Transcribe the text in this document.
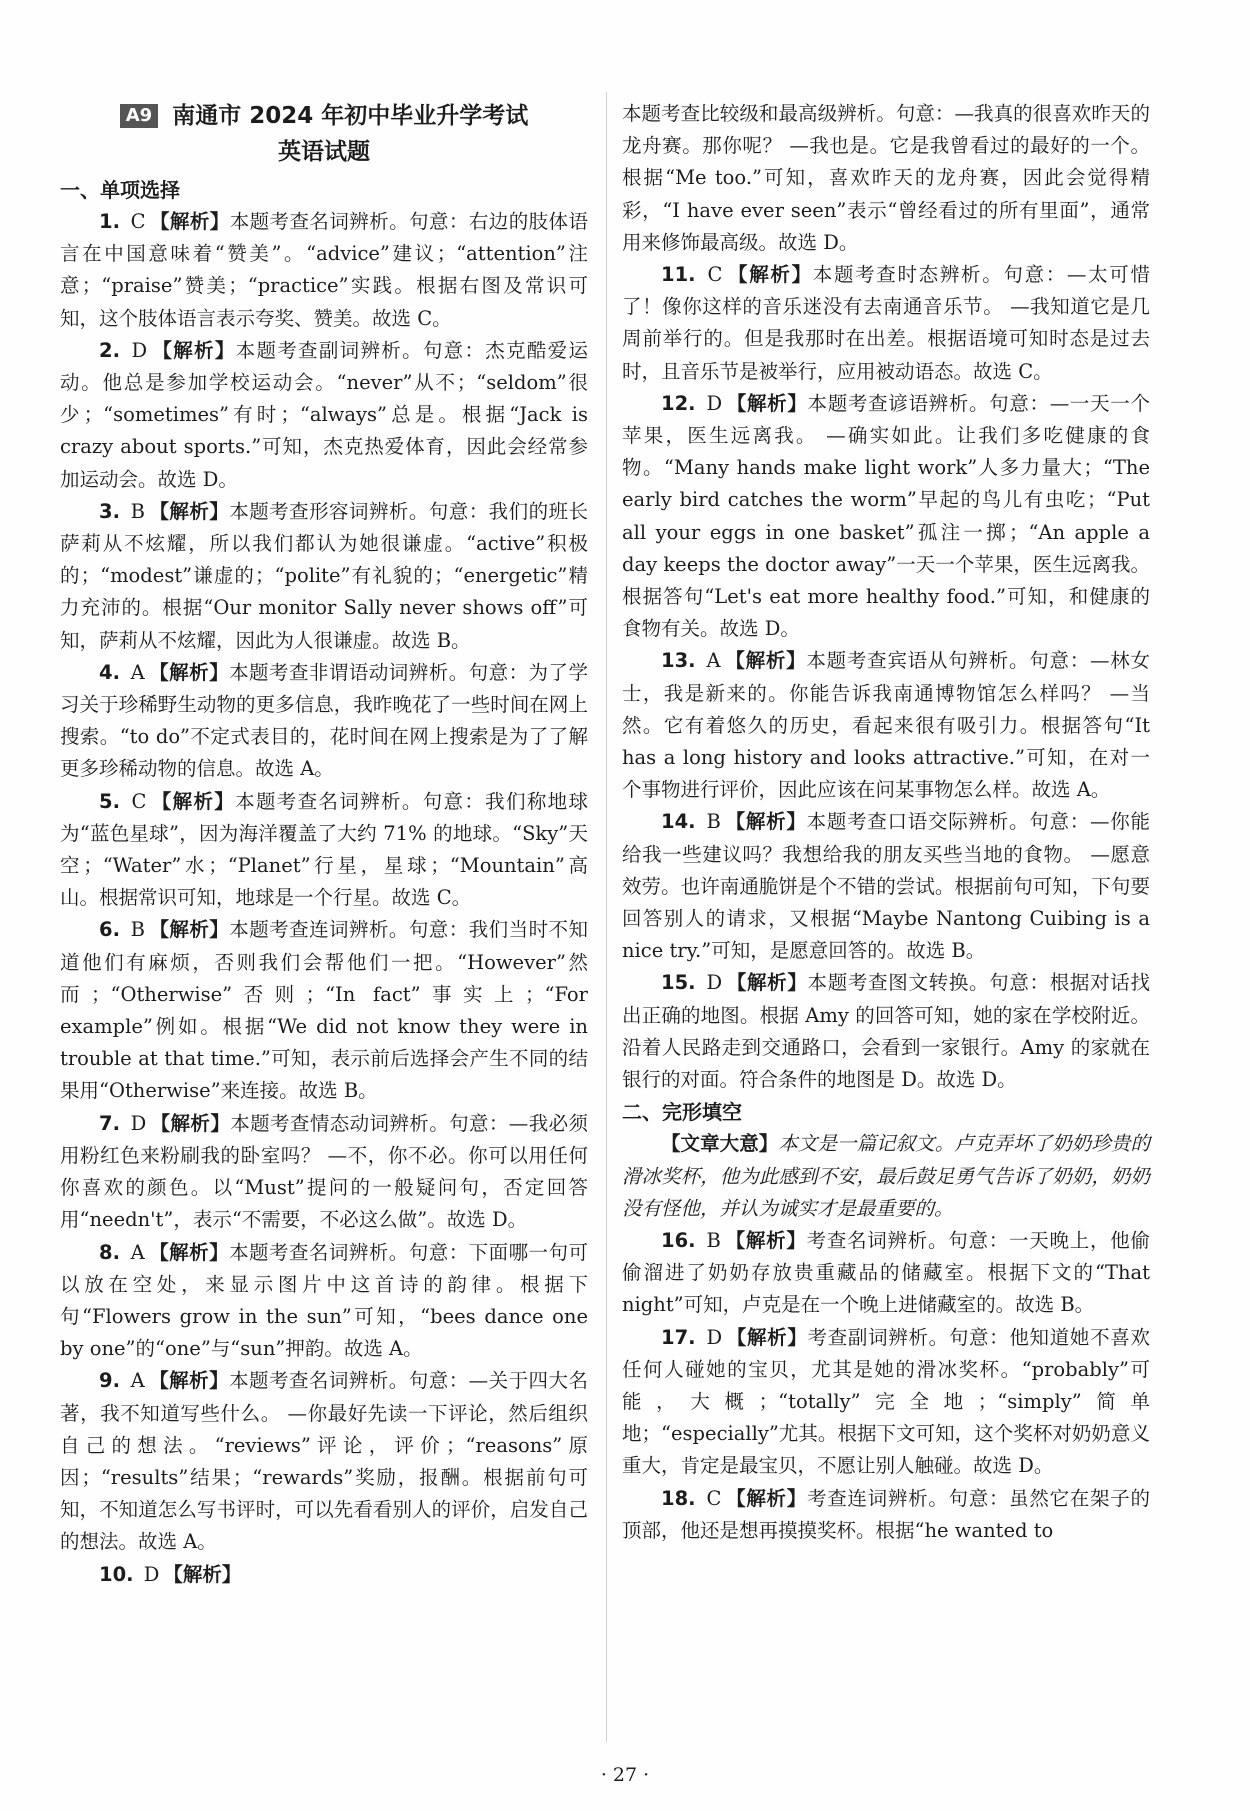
A9 南通市 2024 年初中毕业升学考试
英语试题
一、单项选择

1. C 【解析】本题考查名词辨析。句意：右边的肢体语言在中国意味着“赞美”。“advice”建议；“attention”注意；“praise”赞美；“practice”实践。根据右图及常识可知，这个肢体语言表示夸奖、赞美。故选 C。

2. D 【解析】本题考查副词辨析。句意：杰克酷爱运动。他总是参加学校运动会。“never”从不；“seldom”很少；“sometimes”有时；“always”总是。根据“Jack is crazy about sports.”可知，杰克热爱体育，因此会经常参加运动会。故选 D。

3. B 【解析】本题考查形容词辨析。句意：我们的班长萨莉从不炫耀，所以我们都认为她很谦虚。“active”积极的；“modest”谦虚的；“polite”有礼貌的；“energetic”精力充沛的。根据“Our monitor Sally never shows off”可知，萨莉从不炫耀，因此为人很谦虚。故选 B。

4. A 【解析】本题考查非谓语动词辨析。句意：为了学习关于珍稀野生动物的更多信息，我昨晚花了一些时间在网上搜索。“to do”不定式表目的，花时间在网上搜索是为了了解更多珍稀动物的信息。故选 A。

5. C 【解析】本题考查名词辨析。句意：我们称地球为“蓝色星球”，因为海洋覆盖了大约 71% 的地球。“Sky”天空；“Water”水；“Planet”行星，星球；“Mountain”高山。根据常识可知，地球是一个行星。故选 C。

6. B 【解析】本题考查连词辨析。句意：我们当时不知道他们有麻烦，否则我们会帮他们一把。“However”然而；“Otherwise”否则；“In fact”事实上；“For example”例如。根据“We did not know they were in trouble at that time.”可知，表示前后选择会产生不同的结果用“Otherwise”来连接。故选 B。

7. D 【解析】本题考查情态动词辨析。句意：—我必须用粉红色来粉刷我的卧室吗？ —不，你不必。你可以用任何你喜欢的颜色。以“Must”提问的一般疑问句，否定回答用“needn't”，表示“不需要，不必这么做”。故选 D。

8. A 【解析】本题考查名词辨析。句意：下面哪一句可以放在空处，来显示图片中这首诗的韵律。根据下句“Flowers grow in the sun”可知，“bees dance one by one”的“one”与“sun”押韵。故选 A。

9. A 【解析】本题考查名词辨析。句意：—关于四大名著，我不知道写些什么。 —你最好先读一下评论，然后组织自己的想法。“reviews”评论，评价；“reasons”原因；“results”结果；“rewards”奖励，报酬。根据前句可知，不知道怎么写书评时，可以先看看别人的评价，启发自己的想法。故选 A。

10. D 【解析】

本题考查比较级和最高级辨析。句意：—我真的很喜欢昨天的龙舟赛。那你呢？ —我也是。它是我曾看过的最好的一个。根据“Me too.”可知，喜欢昨天的龙舟赛，因此会觉得精彩，“I have ever seen”表示“曾经看过的所有里面”，通常用来修饰最高级。故选 D。

11. C 【解析】本题考查时态辨析。句意：—太可惜了！像你这样的音乐迷没有去南通音乐节。 —我知道它是几周前举行的。但是我那时在出差。根据语境可知时态是过去时，且音乐节是被举行，应用被动语态。故选 C。

12. D 【解析】本题考查谚语辨析。句意：—一天一个苹果，医生远离我。 —确实如此。让我们多吃健康的食物。“Many hands make light work”人多力量大；“The early bird catches the worm”早起的鸟儿有虫吃；“Put all your eggs in one basket”孤注一掷；“An apple a day keeps the doctor away”一天一个苹果，医生远离我。根据答句“Let's eat more healthy food.”可知，和健康的食物有关。故选 D。

13. A 【解析】本题考查宾语从句辨析。句意：—林女士，我是新来的。你能告诉我南通博物馆怎么样吗？ —当然。它有着悠久的历史，看起来很有吸引力。根据答句“It has a long history and looks attractive.”可知，在对一个事物进行评价，因此应该在问某事物怎么样。故选 A。

14. B 【解析】本题考查口语交际辨析。句意：—你能给我一些建议吗？我想给我的朋友买些当地的食物。 —愿意效劳。也许南通脆饼是个不错的尝试。根据前句可知，下句要回答别人的请求，又根据“Maybe Nantong Cuibing is a nice try.”可知，是愿意回答的。故选 B。

15. D 【解析】本题考查图文转换。句意：根据对话找出正确的地图。根据 Amy 的回答可知，她的家在学校附近。沿着人民路走到交通路口，会看到一家银行。Amy 的家就在银行的对面。符合条件的地图是 D。故选 D。

二、完形填空

【文章大意】本文是一篇记叙文。卢克弄坏了奶奶珍贵的滑冰奖杯，他为此感到不安，最后鼓足勇气告诉了奶奶，奶奶没有怪他，并认为诚实才是最重要的。

16. B 【解析】考查名词辨析。句意：一天晚上，他偷偷溜进了奶奶存放贵重藏品的储藏室。根据下文的“That night”可知，卢克是在一个晚上进储藏室的。故选 B。

17. D 【解析】考查副词辨析。句意：他知道她不喜欢任何人碰她的宝贝，尤其是她的滑冰奖杯。“probably”可能，大概；“totally”完全地；“simply”简单地；“especially”尤其。根据下文可知，这个奖杯对奶奶意义重大，肯定是最宝贝，不愿让别人触碰。故选 D。

18. C 【解析】考查连词辨析。句意：虽然它在架子的顶部，他还是想再摸摸奖杯。根据“he wanted to

· 27 ·
